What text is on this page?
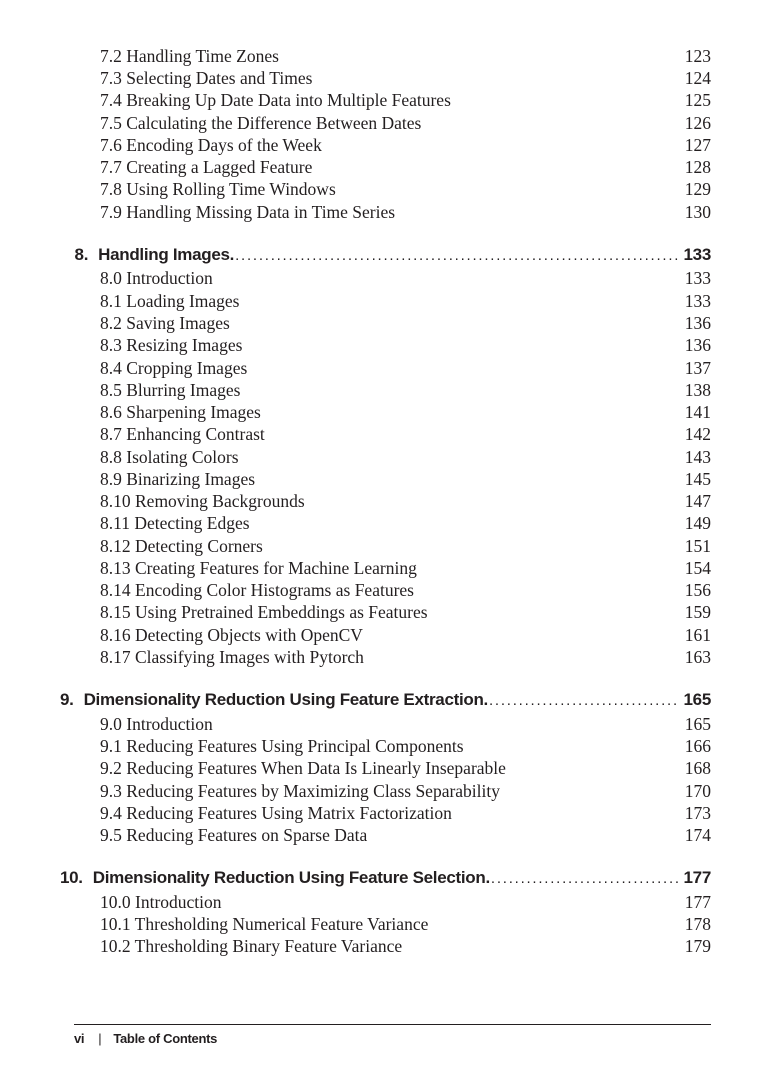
7.2 Handling Time Zones	123
7.3 Selecting Dates and Times	124
7.4 Breaking Up Date Data into Multiple Features	125
7.5 Calculating the Difference Between Dates	126
7.6 Encoding Days of the Week	127
7.7 Creating a Lagged Feature	128
7.8 Using Rolling Time Windows	129
7.9 Handling Missing Data in Time Series	130
8. Handling Images. . . .	133
8.0 Introduction	133
8.1 Loading Images	133
8.2 Saving Images	136
8.3 Resizing Images	136
8.4 Cropping Images	137
8.5 Blurring Images	138
8.6 Sharpening Images	141
8.7 Enhancing Contrast	142
8.8 Isolating Colors	143
8.9 Binarizing Images	145
8.10 Removing Backgrounds	147
8.11 Detecting Edges	149
8.12 Detecting Corners	151
8.13 Creating Features for Machine Learning	154
8.14 Encoding Color Histograms as Features	156
8.15 Using Pretrained Embeddings as Features	159
8.16 Detecting Objects with OpenCV	161
8.17 Classifying Images with Pytorch	163
9. Dimensionality Reduction Using Feature Extraction. . . .	165
9.0 Introduction	165
9.1 Reducing Features Using Principal Components	166
9.2 Reducing Features When Data Is Linearly Inseparable	168
9.3 Reducing Features by Maximizing Class Separability	170
9.4 Reducing Features Using Matrix Factorization	173
9.5 Reducing Features on Sparse Data	174
10. Dimensionality Reduction Using Feature Selection. . . .	177
10.0 Introduction	177
10.1 Thresholding Numerical Feature Variance	178
10.2 Thresholding Binary Feature Variance	179
vi | Table of Contents
